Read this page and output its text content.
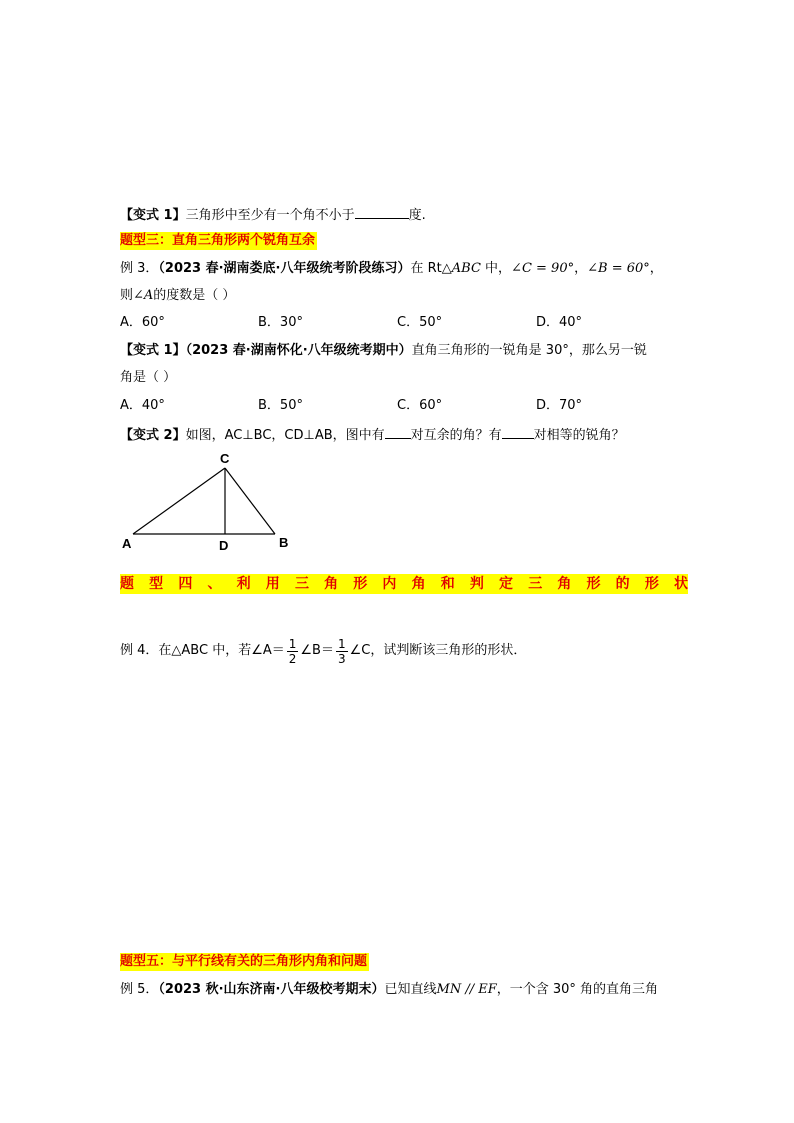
【变式 1】三角形中至少有一个角不小于	度.
题型三：直角三角形两个锐角互余
例 3．（2023 春·湖南娄底·八年级统考阶段练习）在 Rt△ABC 中，∠C = 90°，∠B = 60°，
则∠A的度数是（ ）
A．60°	B．30°	C．50°	D．40°
【变式 1】（2023 春·湖南怀化·八年级统考期中）直角三角形的一锐角是 30°，那么另一锐
角是（ ）
A．40°	B．50°	C．60°	D．70°
【变式 2】如图，AC⊥BC，CD⊥AB，图中有 对互余的角？有 对相等的锐角？
C
A	D	B
题 型 四 、 利 用 三 角 形 内 角 和 判 定 三 角 形 的 形 状
例 4．在△ABC 中，若∠A＝ $\frac{1}{2}$ ∠B＝ $\frac{1}{3}$ ∠C，试判断该三角形的形状．
题型五：与平行线有关的三角形内角和问题
例 5．（2023 秋·山东济南·八年级校考期末）已知直线MN // EF，一个含 30° 角的直角三角
